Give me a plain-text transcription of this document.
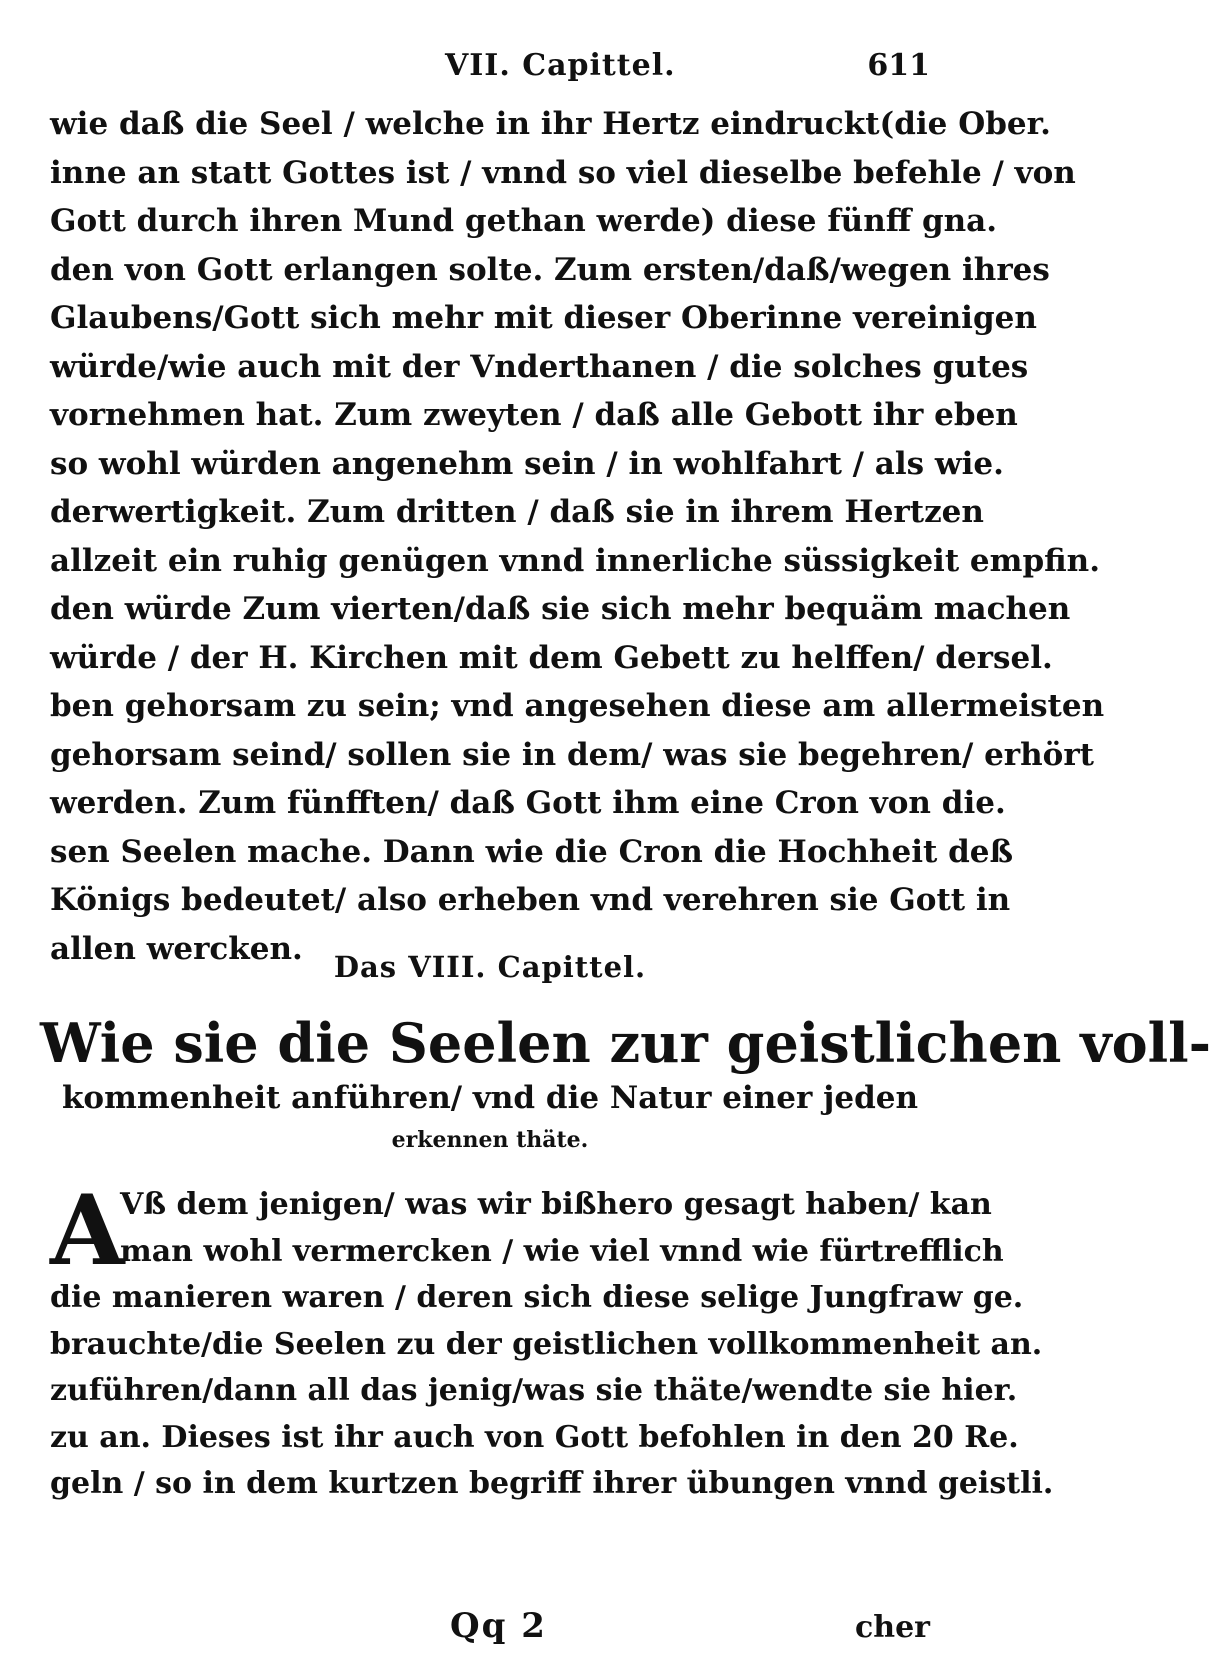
VII. Capittel.	611
wie daß die Seel / welche in ihr Hertz eindruckt(die Ober.
inne an statt Gottes ist / vnnd so viel dieselbe befehle / von
Gott durch ihren Mund gethan werde) diese fünff gna.
den von Gott erlangen solte. Zum ersten/daß/wegen ihres
Glaubens/Gott sich mehr mit dieser Oberinne vereinigen
würde/wie auch mit der Vnderthanen / die solches gutes
vornehmen hat. Zum zweyten / daß alle Gebott ihr eben
so wohl würden angenehm sein / in wohlfahrt / als wie.
derwertigkeit. Zum dritten / daß sie in ihrem Hertzen
allzeit ein ruhig genügen vnnd innerliche süssigkeit empfin.
den würde Zum vierten/daß sie sich mehr bequäm machen
würde / der H. Kirchen mit dem Gebett zu helffen/ dersel.
ben gehorsam zu sein; vnd angesehen diese am allermeisten
gehorsam seind/ sollen sie in dem/ was sie begehren/ erhört
werden. Zum fünfften/ daß Gott ihm eine Cron von die.
sen Seelen mache. Dann wie die Cron die Hochheit deß
Königs bedeutet/ also erheben vnd verehren sie Gott in
allen wercken.
Das VIII. Capittel.
Wie sie die Seelen zur geistlichen voll-
kommenheit anführen/ vnd die Natur einer jeden
erkennen thäte.
A
Vß dem jenigen/ was wir bißhero gesagt haben/ kan
man wohl vermercken / wie viel vnnd wie fürtrefflich
die manieren waren / deren sich diese selige Jungfraw ge.
brauchte/die Seelen zu der geistlichen vollkommenheit an.
zuführen/dann all das jenig/was sie thäte/wendte sie hier.
zu an. Dieses ist ihr auch von Gott befohlen in den 20 Re.
geln / so in dem kurtzen begriff ihrer übungen vnnd geistli.
Qq 2	cher
